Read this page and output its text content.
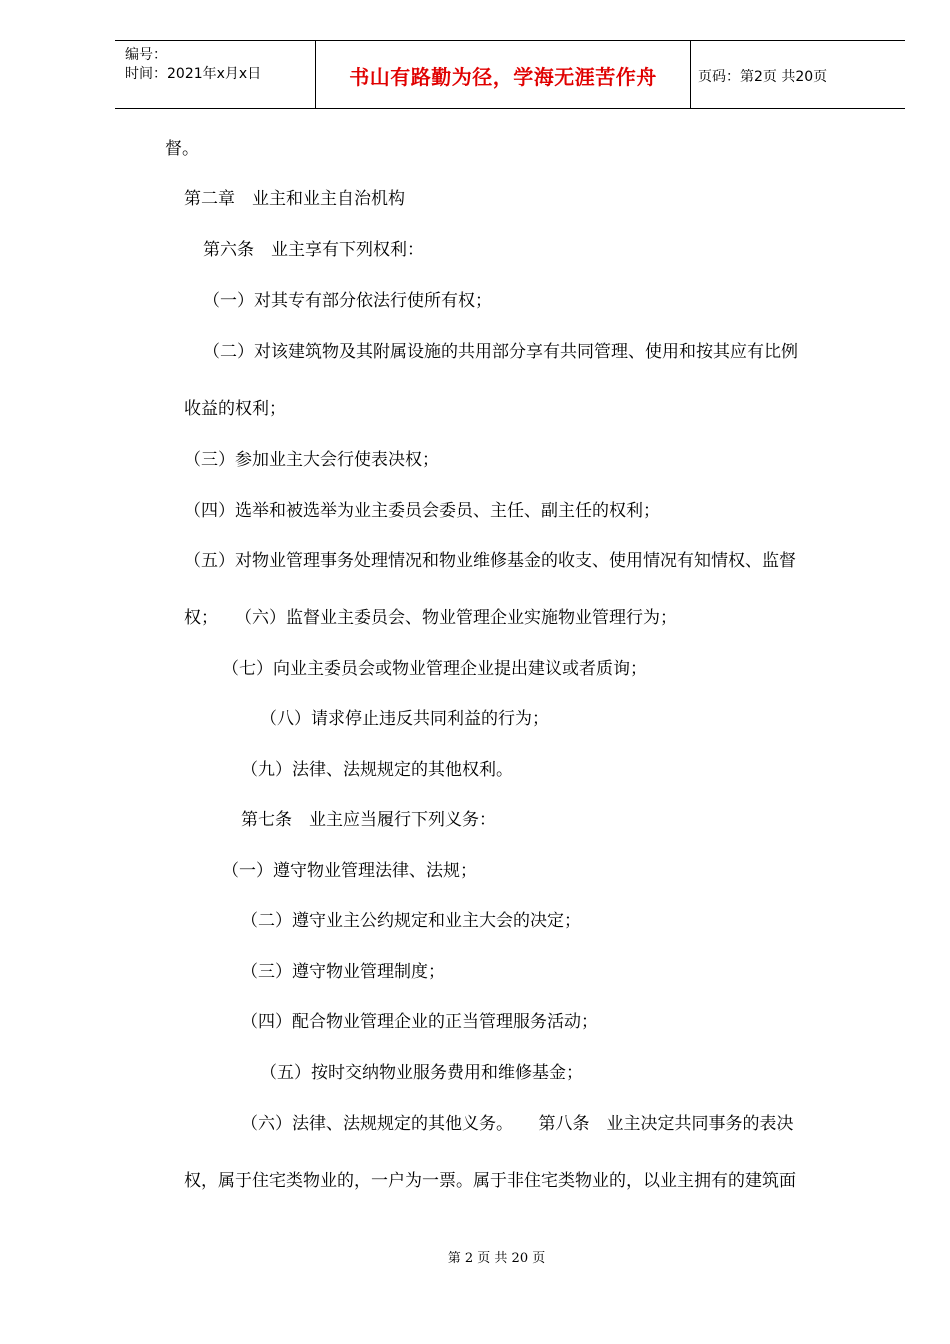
编号：
时间：2021年x月x日	书山有路勤为径，学海无涯苦作舟	页码：第2页 共20页
督。
第二章　业主和业主自治机构
第六条　业主享有下列权利：
（一）对其专有部分依法行使所有权；
（二）对该建筑物及其附属设施的共用部分享有共同管理、使用和按其应有比例
收益的权利；
（三）参加业主大会行使表决权；
（四）选举和被选举为业主委员会委员、主任、副主任的权利；
（五）对物业管理事务处理情况和物业维修基金的收支、使用情况有知情权、监督
权；　　（六）监督业主委员会、物业管理企业实施物业管理行为；
（七）向业主委员会或物业管理企业提出建议或者质询；
（八）请求停止违反共同利益的行为；
（九）法律、法规规定的其他权利。
第七条　业主应当履行下列义务：
（一）遵守物业管理法律、法规；
（二）遵守业主公约规定和业主大会的决定；
（三）遵守物业管理制度；
（四）配合物业管理企业的正当管理服务活动；
（五）按时交纳物业服务费用和维修基金；
（六）法律、法规规定的其他义务。　　第八条　业主决定共同事务的表决
权，属于住宅类物业的，一户为一票。属于非住宅类物业的，以业主拥有的建筑面
第 2 页 共 20 页
